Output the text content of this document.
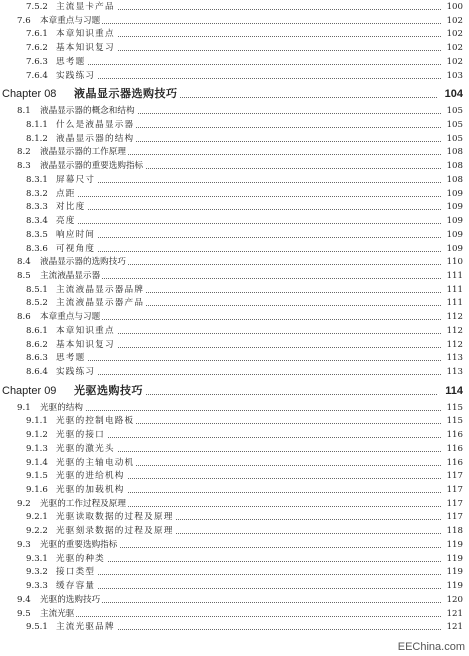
7.5.2 主流显卡产品	100
7.6 本章重点与习题	102
7.6.1 本章知识重点	102
7.6.2 基本知识复习	102
7.6.3 思考题	102
7.6.4 实践练习	103
Chapter 08 液晶显示器选购技巧	104
8.1 液晶显示器的概念和结构	105
8.1.1 什么是液晶显示器	105
8.1.2 液晶显示器的结构	105
8.2 液晶显示器的工作原理	108
8.3 液晶显示器的重要选购指标	108
8.3.1 屏幕尺寸	108
8.3.2 点距	109
8.3.3 对比度	109
8.3.4 亮度	109
8.3.5 响应时间	109
8.3.6 可视角度	109
8.4 液晶显示器的选购技巧	110
8.5 主流液晶显示器	111
8.5.1 主流液晶显示器品牌	111
8.5.2 主流液晶显示器产品	111
8.6 本章重点与习题	112
8.6.1 本章知识重点	112
8.6.2 基本知识复习	112
8.6.3 思考题	113
8.6.4 实践练习	113
Chapter 09 光驱选购技巧	114
9.1 光驱的结构	115
9.1.1 光驱的控制电路板	115
9.1.2 光驱的接口	116
9.1.3 光驱的激光头	116
9.1.4 光驱的主轴电动机	116
9.1.5 光驱的进给机构	117
9.1.6 光驱的加载机构	117
9.2 光驱的工作过程及原理	117
9.2.1 光驱读取数据的过程及原理	117
9.2.2 光驱刻录数据的过程及原理	118
9.3 光驱的重要选购指标	119
9.3.1 光驱的种类	119
9.3.2 接口类型	119
9.3.3 缓存容量	119
9.4 光驱的选购技巧	120
9.5 主流光驱	121
9.5.1 主流光驱品牌	121
EEChina.com
